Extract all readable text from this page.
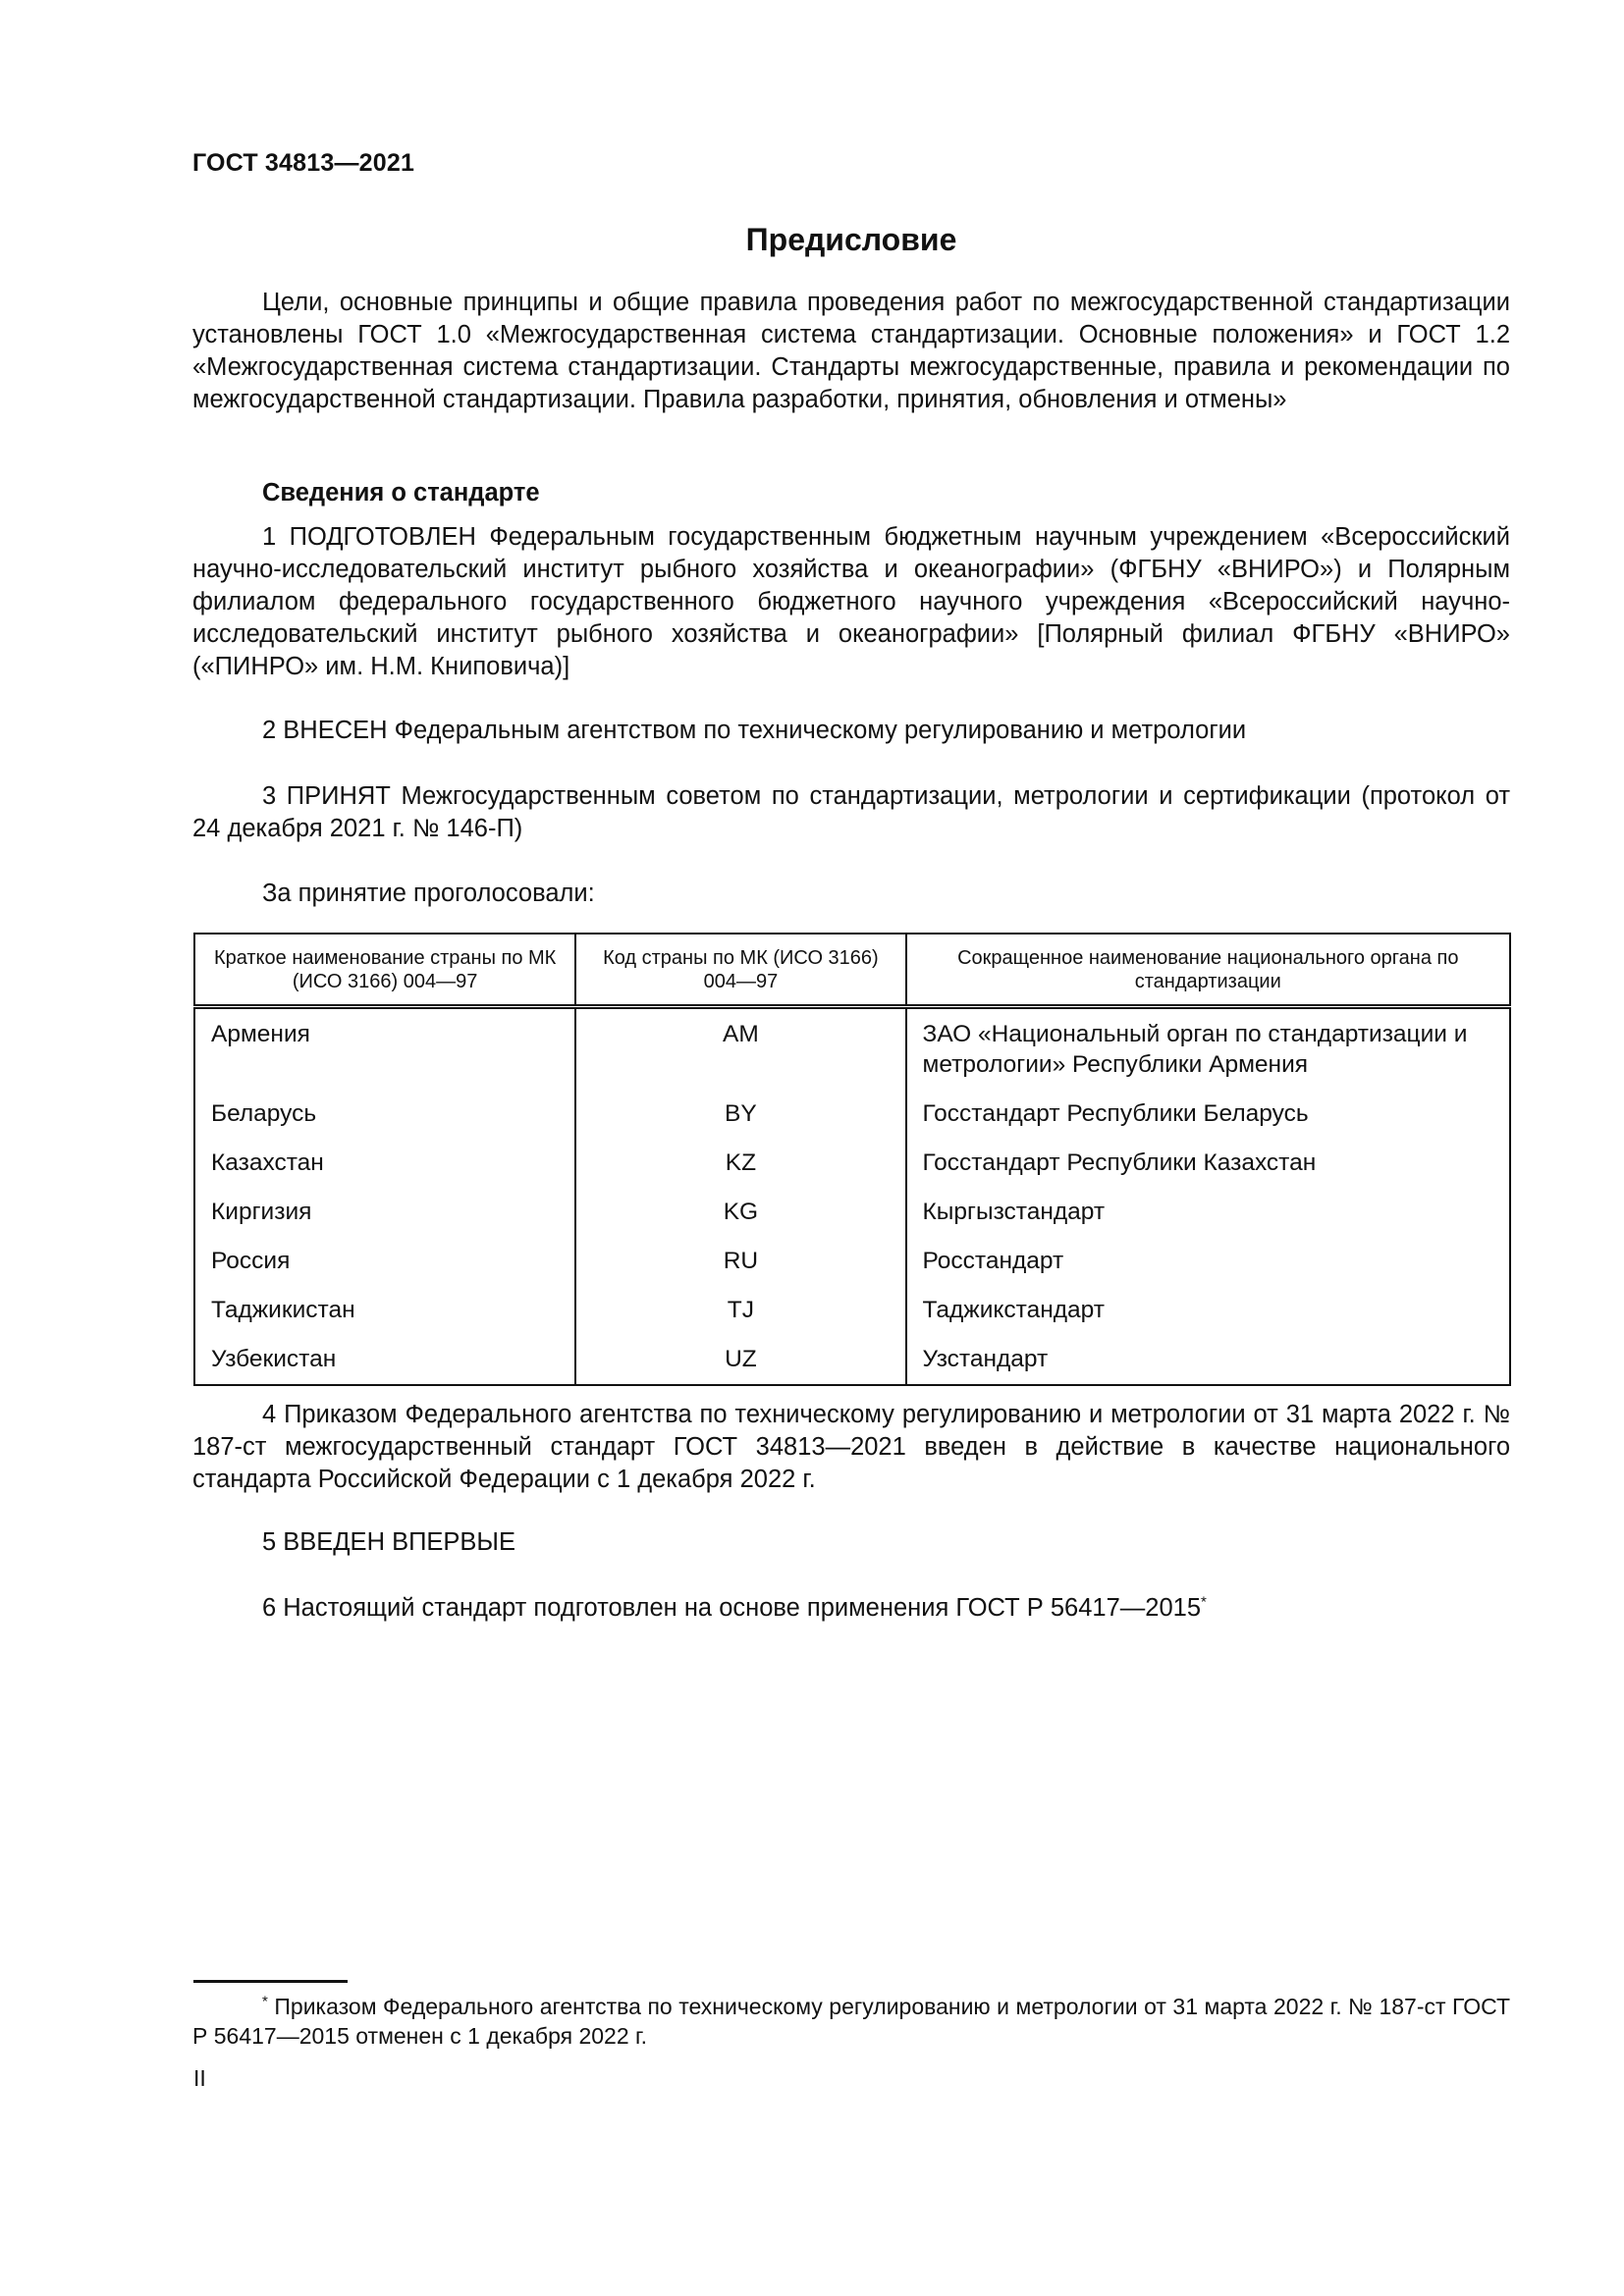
ГОСТ 34813—2021
Предисловие

Цели, основные принципы и общие правила проведения работ по межгосударственной стандартизации установлены ГОСТ 1.0 «Межгосударственная система стандартизации. Основные положения» и ГОСТ 1.2 «Межгосударственная система стандартизации. Стандарты межгосударственные, правила и рекомендации по межгосударственной стандартизации. Правила разработки, принятия, обновления и отмены»

Сведения о стандарте

1 ПОДГОТОВЛЕН Федеральным государственным бюджетным научным учреждением «Всероссийский научно-исследовательский институт рыбного хозяйства и океанографии» (ФГБНУ «ВНИРО») и Полярным филиалом федерального государственного бюджетного научного учреждения «Всероссийский научно-исследовательский институт рыбного хозяйства и океанографии» [Полярный филиал ФГБНУ «ВНИРО» («ПИНРО» им. Н.М. Книповича)]

2 ВНЕСЕН Федеральным агентством по техническому регулированию и метрологии

3 ПРИНЯТ Межгосударственным советом по стандартизации, метрологии и сертификации (протокол от 24 декабря 2021 г. № 146-П)

За принятие проголосовали:
Краткое наименование страны по МК (ИСО 3166) 004—97	Код страны по МК (ИСО 3166) 004—97	Сокращенное наименование национального органа по стандартизации
Армения	AM	ЗАО «Национальный орган по стандартизации и метрологии» Республики Армения
Беларусь	BY	Госстандарт Республики Беларусь
Казахстан	KZ	Госстандарт Республики Казахстан
Киргизия	KG	Кыргызстандарт
Россия	RU	Росстандарт
Таджикистан	TJ	Таджикстандарт
Узбекистан	UZ	Узстандарт

4 Приказом Федерального агентства по техническому регулированию и метрологии от 31 марта 2022 г. № 187-ст межгосударственный стандарт ГОСТ 34813—2021 введен в действие в качестве национального стандарта Российской Федерации с 1 декабря 2022 г.

5 ВВЕДЕН ВПЕРВЫЕ
6 Настоящий стандарт подготовлен на основе применения ГОСТ Р 56417—2015*

* Приказом Федерального агентства по техническому регулированию и метрологии от 31 марта 2022 г. № 187-ст ГОСТ Р 56417—2015 отменен с 1 декабря 2022 г.

II
